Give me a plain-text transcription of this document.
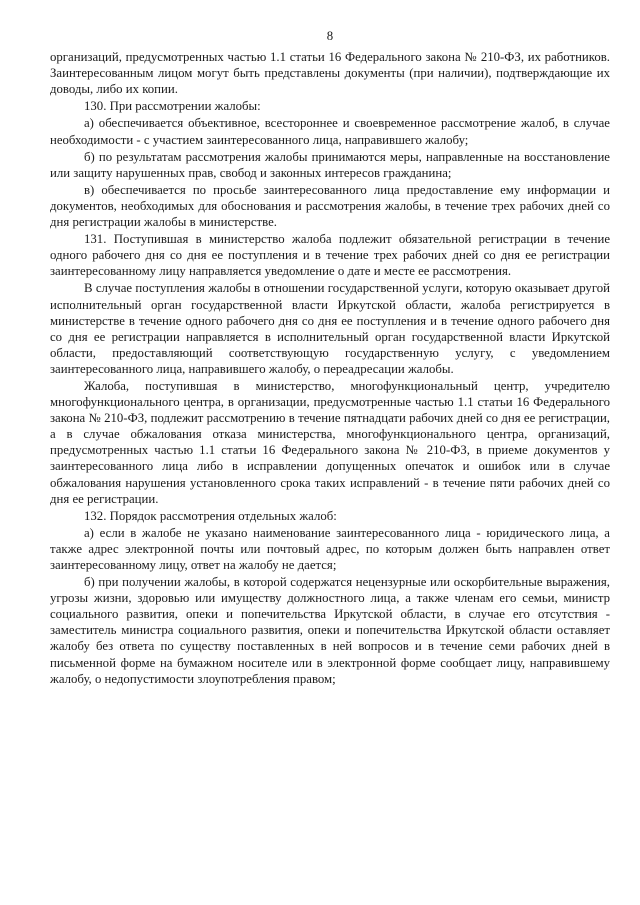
8

организаций, предусмотренных частью 1.1 статьи 16 Федерального закона № 210-ФЗ, их работников. Заинтересованным лицом могут быть представлены документы (при наличии), подтверждающие их доводы, либо их копии.

130. При рассмотрении жалобы:

а) обеспечивается объективное, всестороннее и своевременное рассмотрение жалоб, в случае необходимости - с участием заинтересованного лица, направившего жалобу;

б) по результатам рассмотрения жалобы принимаются меры, направленные на восстановление или защиту нарушенных прав, свобод и законных интересов гражданина;

в) обеспечивается по просьбе заинтересованного лица предоставление ему информации и документов, необходимых для обоснования и рассмотрения жалобы, в течение трех рабочих дней со дня регистрации жалобы в министерстве.

131. Поступившая в министерство жалоба подлежит обязательной регистрации в течение одного рабочего дня со дня ее поступления и в течение трех рабочих дней со дня ее регистрации заинтересованному лицу направляется уведомление о дате и месте ее рассмотрения.

В случае поступления жалобы в отношении государственной услуги, которую оказывает другой исполнительный орган государственной власти Иркутской области, жалоба регистрируется в министерстве в течение одного рабочего дня со дня ее поступления и в течение одного рабочего дня со дня ее регистрации направляется в исполнительный орган государственной власти Иркутской области, предоставляющий соответствующую государственную услугу, с уведомлением заинтересованного лица, направившего жалобу, о переадресации жалобы.

Жалоба, поступившая в министерство, многофункциональный центр, учредителю многофункционального центра, в организации, предусмотренные частью 1.1 статьи 16 Федерального закона № 210-ФЗ, подлежит рассмотрению в течение пятнадцати рабочих дней со дня ее регистрации, а в случае обжалования отказа министерства, многофункционального центра, организаций, предусмотренных частью 1.1 статьи 16 Федерального закона № 210-ФЗ, в приеме документов у заинтересованного лица либо в исправлении допущенных опечаток и ошибок или в случае обжалования нарушения установленного срока таких исправлений - в течение пяти рабочих дней со дня ее регистрации.

132. Порядок рассмотрения отдельных жалоб:

а) если в жалобе не указано наименование заинтересованного лица - юридического лица, а также адрес электронной почты или почтовый адрес, по которым должен быть направлен ответ заинтересованному лицу, ответ на жалобу не дается;

б) при получении жалобы, в которой содержатся нецензурные или оскорбительные выражения, угрозы жизни, здоровью или имуществу должностного лица, а также членам его семьи, министр социального развития, опеки и попечительства Иркутской области, в случае его отсутствия - заместитель министра социального развития, опеки и попечительства Иркутской области оставляет жалобу без ответа по существу поставленных в ней вопросов и в течение семи рабочих дней в письменной форме на бумажном носителе или в электронной форме сообщает лицу, направившему жалобу, о недопустимости злоупотребления правом;
